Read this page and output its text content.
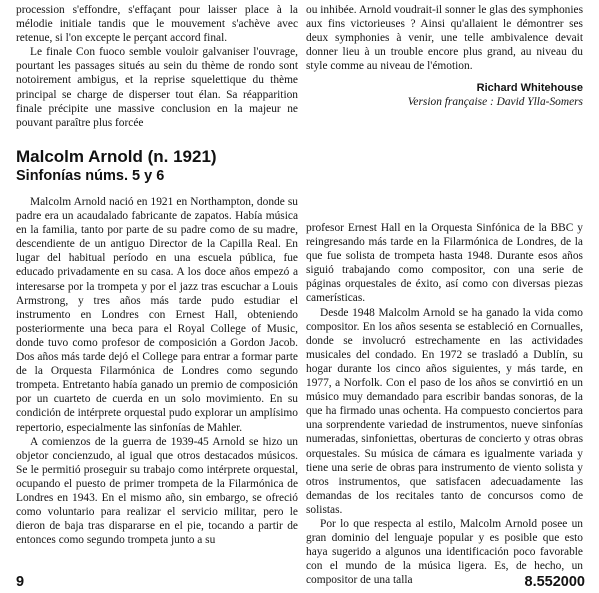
procession s'effondre, s'effaçant pour laisser place à la mélodie initiale tandis que le mouvement s'achève avec retenue, si l'on excepte le perçant accord final.

Le finale Con fuoco semble vouloir galvaniser l'ouvrage, pourtant les passages situés au sein du thème de rondo sont notoirement ambigus, et la reprise squelettique du thème principal se charge de disperser tout élan. Sa réapparition finale précipite une massive conclusion en la majeur ne pouvant paraître plus forcée

ou inhibée. Arnold voudrait-il sonner le glas des symphonies aux fins victorieuses ? Ainsi qu'allaient le démontrer ses deux symphonies à venir, une telle ambivalence devait donner lieu à un trouble encore plus grand, au niveau du style comme au niveau de l'émotion.

Richard Whitehouse
Version française : David Ylla-Somers
Malcolm Arnold (n. 1921)
Sinfonías núms. 5 y 6

Malcolm Arnold nació en 1921 en Northampton, donde su padre era un acaudalado fabricante de zapatos. Había música en la familia, tanto por parte de su padre como de su madre, descendiente de un antiguo Director de la Capilla Real. En lugar del habitual período en una escuela pública, fue educado privadamente en su casa. A los doce años empezó a interesarse por la trompeta y por el jazz tras escuchar a Louis Armstrong, y tres años más tarde pudo estudiar el instrumento en Londres con Ernest Hall, obteniendo posteriormente una beca para el Royal College of Music, donde tuvo como profesor de composición a Gordon Jacob. Dos años más tarde dejó el College para entrar a formar parte de la Orquesta Filarmónica de Londres como segundo trompeta. Entretanto había ganado un premio de composición por un cuarteto de cuerda en un solo movimiento. En su condición de intérprete orquestal pudo explorar un amplísimo repertorio, especialmente las sinfonías de Mahler.

A comienzos de la guerra de 1939-45 Arnold se hizo un objetor concienzudo, al igual que otros destacados músicos. Se le permitió proseguir su trabajo como intérprete orquestal, ocupando el puesto de primer trompeta de la Filarmónica de Londres en 1943. En el mismo año, sin embargo, se ofreció como voluntario para realizar el servicio militar, pero le dieron de baja tras dispararse en el pie, tocando a partir de entonces como segundo trompeta junto a su

profesor Ernest Hall en la Orquesta Sinfónica de la BBC y reingresando más tarde en la Filarmónica de Londres, de la que fue solista de trompeta hasta 1948. Durante esos años siguió trabajando como compositor, con una serie de páginas orquestales de éxito, así como con diversas piezas camerísticas.

Desde 1948 Malcolm Arnold se ha ganado la vida como compositor. En los años sesenta se estableció en Cornualles, donde se involucró estrechamente en las actividades musicales del condado. En 1972 se trasladó a Dublín, su hogar durante los cinco años siguientes, y más tarde, en 1977, a Norfolk. Con el paso de los años se convirtió en un músico muy demandado para escribir bandas sonoras, de la que ha firmado unas ochenta. Ha compuesto conciertos para una sorprendente variedad de instrumentos, nueve sinfonías numeradas, sinfoniettas, oberturas de concierto y otras obras orquestales. Su música de cámara es igualmente variada y tiene una serie de obras para instrumento de viento solista y otros instrumentos, que satisfacen adecuadamente las demandas de los recitales tanto de concursos como de solistas.

Por lo que respecta al estilo, Malcolm Arnold posee un gran dominio del lenguaje popular y es posible que esto haya sugerido a algunos una identificación poco favorable con el mundo de la música ligera. Es, de hecho, un compositor de una talla

9	8.552000
